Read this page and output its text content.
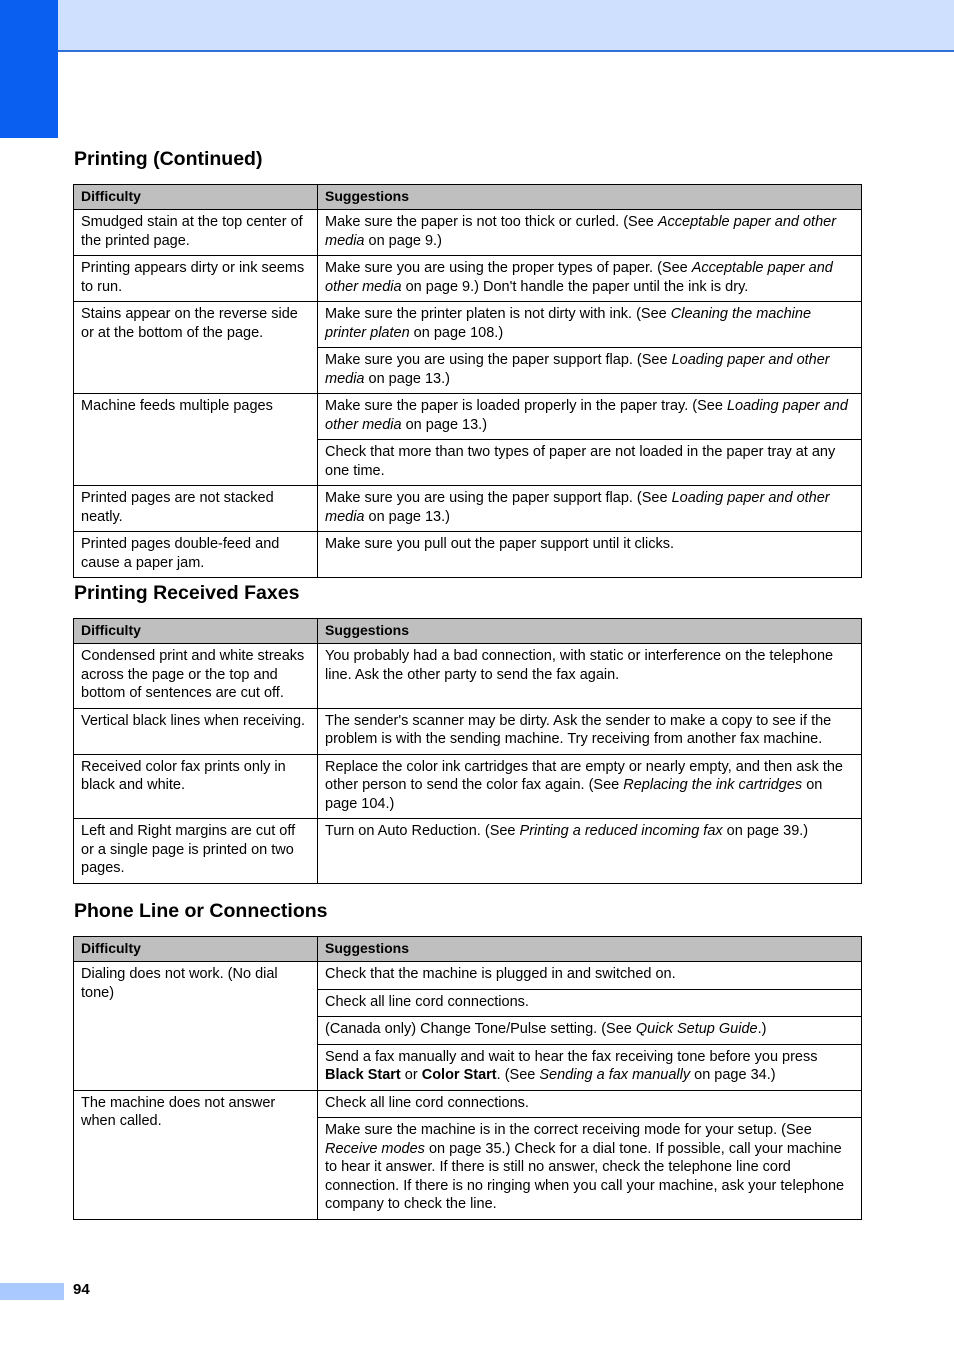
Printing (Continued)
Difficulty	Suggestions
Smudged stain at the top center of the printed page.	Make sure the paper is not too thick or curled. (See Acceptable paper and other media on page 9.)
Printing appears dirty or ink seems to run.	Make sure you are using the proper types of paper. (See Acceptable paper and other media on page 9.) Don't handle the paper until the ink is dry.
Stains appear on the reverse side or at the bottom of the page.	Make sure the printer platen is not dirty with ink. (See Cleaning the machine printer platen on page 108.)
	Make sure you are using the paper support flap. (See Loading paper and other media on page 13.)
Machine feeds multiple pages	Make sure the paper is loaded properly in the paper tray. (See Loading paper and other media on page 13.)
	Check that more than two types of paper are not loaded in the paper tray at any one time.
Printed pages are not stacked neatly.	Make sure you are using the paper support flap. (See Loading paper and other media on page 13.)
Printed pages double-feed and cause a paper jam.	Make sure you pull out the paper support until it clicks.
Printing Received Faxes
Difficulty	Suggestions
Condensed print and white streaks across the page or the top and bottom of sentences are cut off.	You probably had a bad connection, with static or interference on the telephone line. Ask the other party to send the fax again.
Vertical black lines when receiving.	The sender's scanner may be dirty. Ask the sender to make a copy to see if the problem is with the sending machine. Try receiving from another fax machine.
Received color fax prints only in black and white.	Replace the color ink cartridges that are empty or nearly empty, and then ask the other person to send the color fax again. (See Replacing the ink cartridges on page 104.)
Left and Right margins are cut off or a single page is printed on two pages.	Turn on Auto Reduction. (See Printing a reduced incoming fax on page 39.)
Phone Line or Connections
Difficulty	Suggestions
Dialing does not work. (No dial tone)	Check that the machine is plugged in and switched on.
	Check all line cord connections.
	(Canada only) Change Tone/Pulse setting. (See Quick Setup Guide.)
	Send a fax manually and wait to hear the fax receiving tone before you press Black Start or Color Start. (See Sending a fax manually on page 34.)
The machine does not answer when called.	Check all line cord connections.
	Make sure the machine is in the correct receiving mode for your setup. (See Receive modes on page 35.) Check for a dial tone. If possible, call your machine to hear it answer. If there is still no answer, check the telephone line cord connection. If there is no ringing when you call your machine, ask your telephone company to check the line.
94
